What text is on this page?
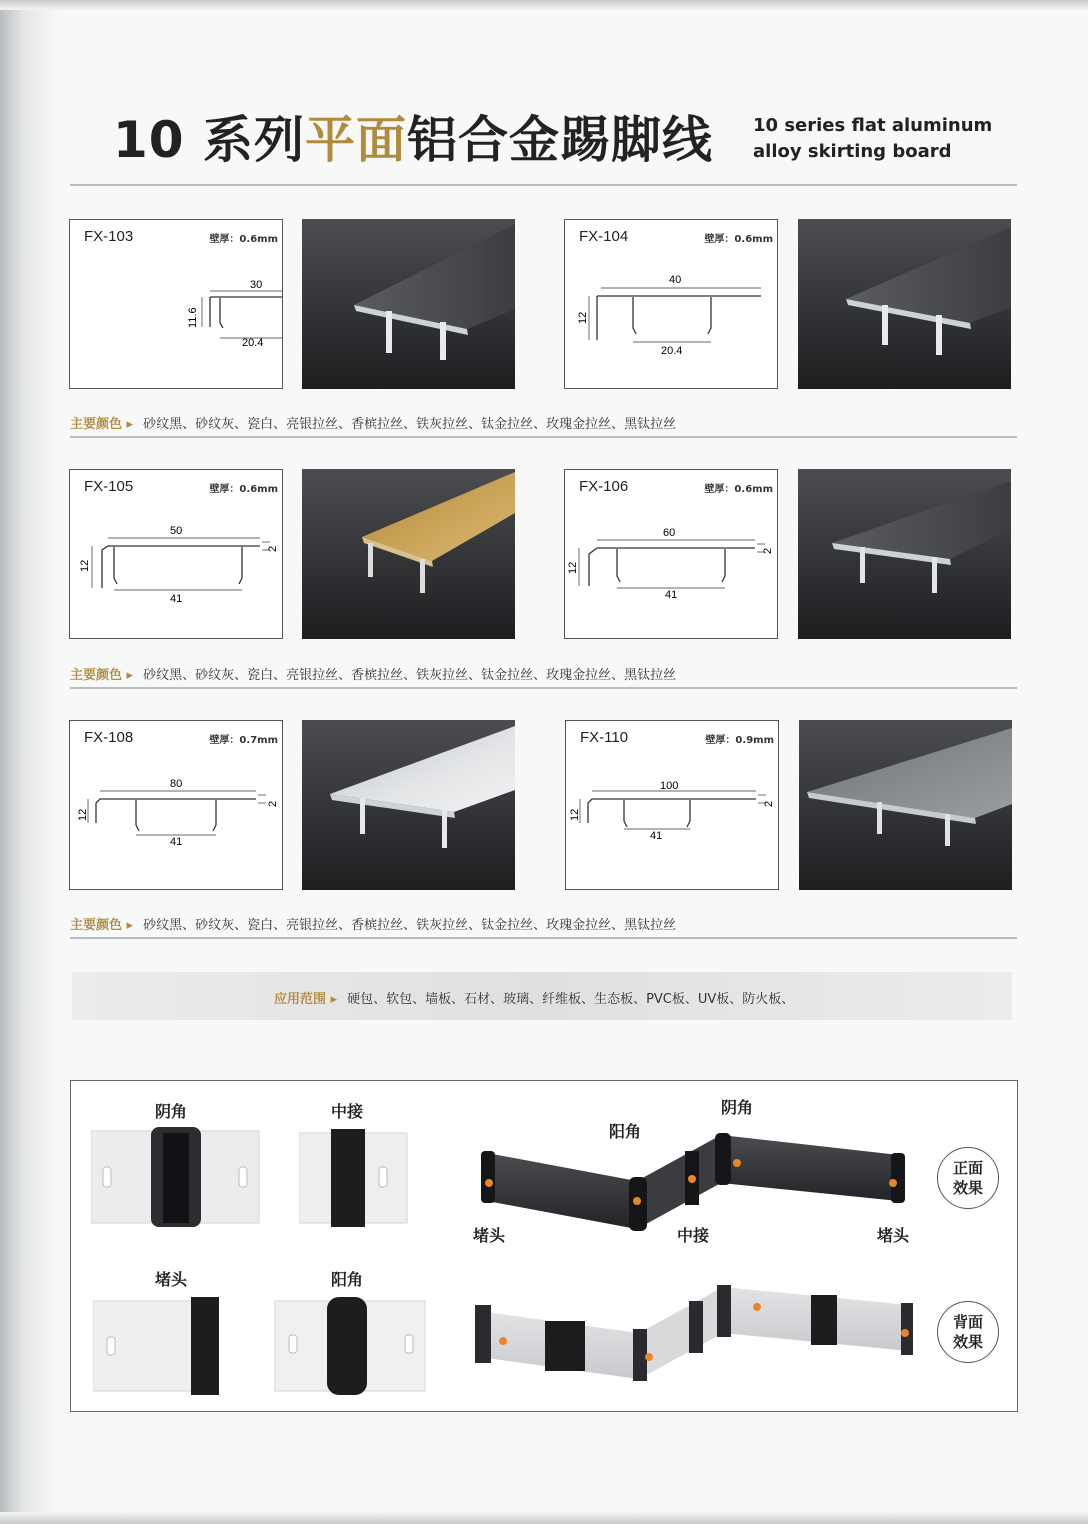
10 系列平面铝合金踢脚线 10 series flat aluminum
alloy skirting board
FX-103	壁厚：0.6mm
30
20.4
11.6
FX-104	壁厚：0.6mm
40
20.4
12
主要颜色 ▸ 砂纹黑、砂纹灰、瓷白、亮银拉丝、香槟拉丝、铁灰拉丝、钛金拉丝、玫瑰金拉丝、黑钛拉丝
FX-105	壁厚：0.6mm
50
41
12
2
FX-106	壁厚：0.6mm
60
41
12
2
主要颜色 ▸ 砂纹黑、砂纹灰、瓷白、亮银拉丝、香槟拉丝、铁灰拉丝、钛金拉丝、玫瑰金拉丝、黑钛拉丝
FX-108	壁厚：0.7mm
80
41
12
2
FX-110	壁厚：0.9mm
100
41
12
2
主要颜色 ▸ 砂纹黑、砂纹灰、瓷白、亮银拉丝、香槟拉丝、铁灰拉丝、钛金拉丝、玫瑰金拉丝、黑钛拉丝
应用范围 ▸ 硬包、软包、墙板、石材、玻璃、纤维板、生态板、PVC板、UV板、防火板、
阴角	中接
堵头	阳角
阳角
阴角
堵头	中接	堵头
正面
效果
背面
效果
